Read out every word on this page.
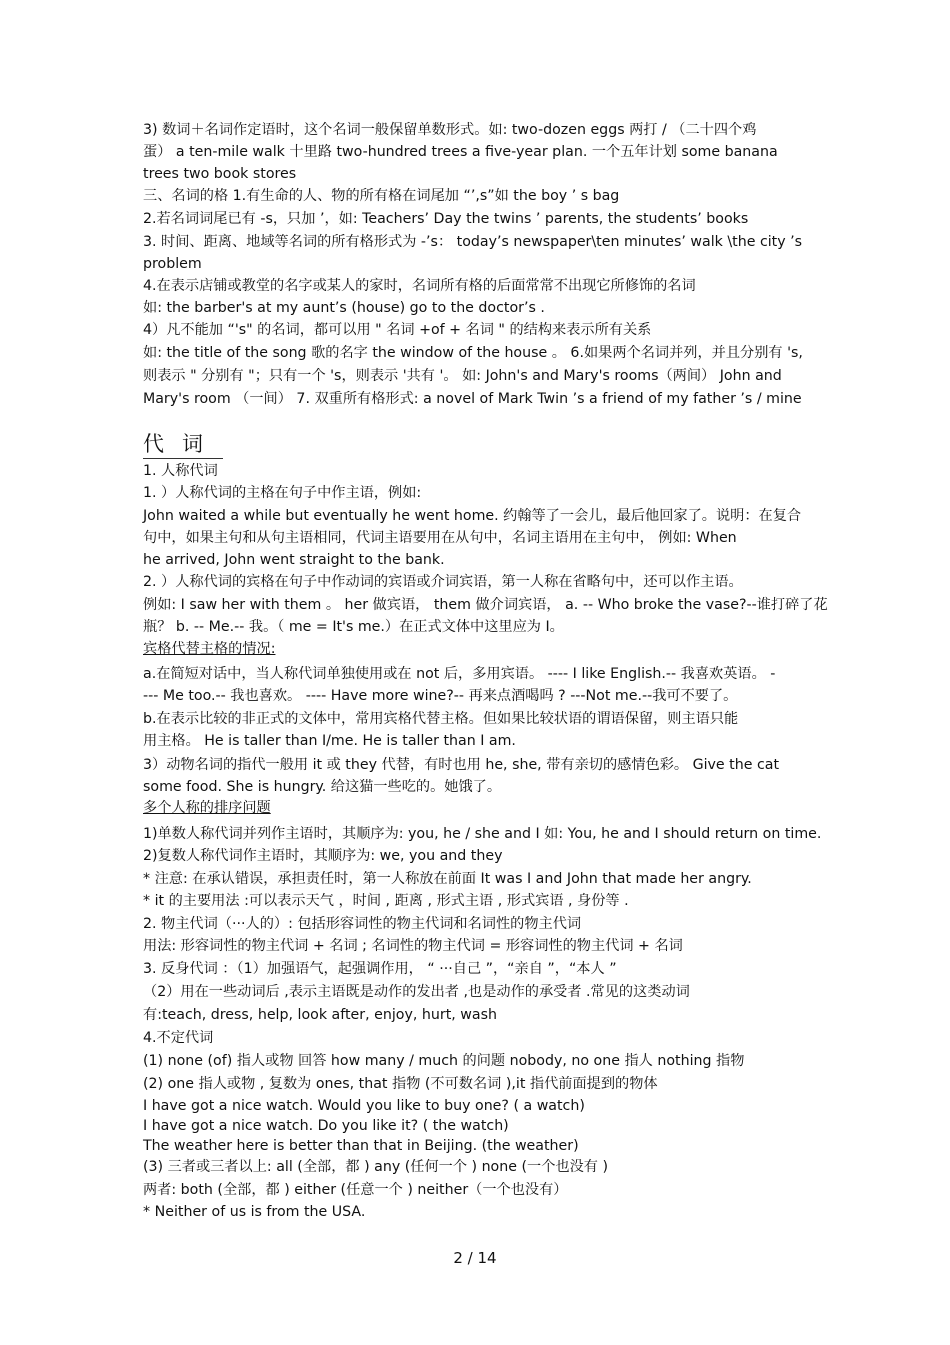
3) 数词＋名词作定语时，这个名词一般保留单数形式。如: two-dozen eggs 两打 / （二十四个鸡
蛋） a ten-mile walk 十里路 two-hundred trees a five-year plan. 一个五年计划 some banana
trees two book stores
三、名词的格 1.有生命的人、物的所有格在词尾加 “’,s”如 the boy ’ s bag
2.若名词词尾已有 -s，只加 ’，如: Teachers’ Day the twins ’ parents, the students’ books
3. 时间、距离、地域等名词的所有格形式为 -’s： today’s newspaper\ten minutes’ walk \the city ’s
problem
4.在表示店铺或教堂的名字或某人的家时，名词所有格的后面常常不出现它所修饰的名词
如: the barber's at my aunt’s (house) go to the doctor’s .
4）凡不能加 “'s" 的名词，都可以用 " 名词 +of + 名词 " 的结构来表示所有关系
如: the title of the song 歌的名字 the window of the house 。 6.如果两个名词并列，并且分别有 's,
则表示 " 分别有 "；只有一个 's，则表示 '共有 '。 如: John's and Mary's rooms（两间） John and
Mary's room （一间） 7. 双重所有格形式: a novel of Mark Twin ’s a friend of my father ’s / mine
代词
1. 人称代词
1. ）人称代词的主格在句子中作主语，例如:
John waited a while but eventually he went home. 约翰等了一会儿，最后他回家了。说明：在复合
句中，如果主句和从句主语相同，代词主语要用在从句中，名词主语用在主句中， 例如: When
he arrived, John went straight to the bank.
2. ）人称代词的宾格在句子中作动词的宾语或介词宾语，第一人称在省略句中，还可以作主语。
例如: I saw her with them 。 her 做宾语， them 做介词宾语， a. -- Who broke the vase?--谁打碎了花
瓶？ b. -- Me.-- 我。（ me = It's me.）在正式文体中这里应为 I。
宾格代替主格的情况:
a.在简短对话中，当人称代词单独使用或在 not 后，多用宾语。 ---- I like English.-- 我喜欢英语。 -
--- Me too.-- 我也喜欢。 ---- Have more wine?-- 再来点酒喝吗 ? ---Not me.--我可不要了。
b.在表示比较的非正式的文体中，常用宾格代替主格。但如果比较状语的谓语保留，则主语只能
用主格。 He is taller than I/me. He is taller than I am.
3）动物名词的指代一般用 it 或 they 代替，有时也用 he, she, 带有亲切的感情色彩。 Give the cat
some food. She is hungry. 给这猫一些吃的。她饿了。
多个人称的排序问题
1)单数人称代词并列作主语时，其顺序为: you, he / she and I 如: You, he and I should return on time.
2)复数人称代词作主语时，其顺序为: we, you and they
* 注意: 在承认错误，承担责任时，第一人称放在前面 It was I and John that made her angry.
* it 的主要用法 :可以表示天气 ，时间 , 距离 , 形式主语 , 形式宾语 , 身份等 .
2. 物主代词（···人的）: 包括形容词性的物主代词和名词性的物主代词
用法: 形容词性的物主代词 + 名词 ; 名词性的物主代词 = 形容词性的物主代词 + 名词
3. 反身代词 ：（1）加强语气，起强调作用， “ ···自己 ”，“亲自 ”，“本人 ”
（2）用在一些动词后 ,表示主语既是动作的发出者 ,也是动作的承受者 .常见的这类动词
有:teach, dress, help, look after, enjoy, hurt, wash
4.不定代词
(1) none (of) 指人或物 回答 how many / much 的问题 nobody, no one 指人 nothing 指物
(2) one 指人或物 , 复数为 ones, that 指物 (不可数名词 ),it 指代前面提到的物体
I have got a nice watch. Would you like to buy one? ( a watch)
I have got a nice watch. Do you like it? ( the watch)
The weather here is better than that in Beijing. (the weather)
(3) 三者或三者以上: all (全部，都 ) any (任何一个 ) none (一个也没有 )
两者: both (全部，都 ) either (任意一个 ) neither（一个也没有）
* Neither of us is from the USA.
2 / 14
